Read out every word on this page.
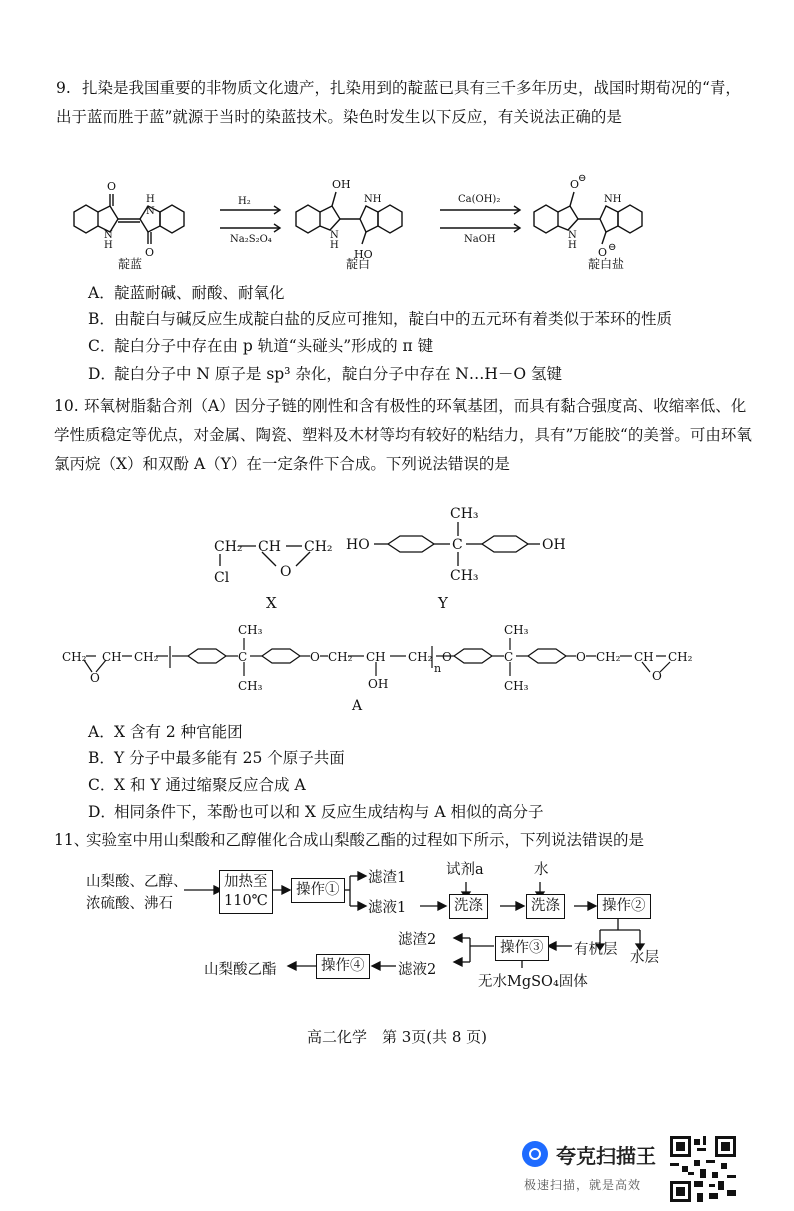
9. 扎染是我国重要的非物质文化遗产，扎染用到的靛蓝已具有三千多年历史，战国时期荀况的“青，出于蓝而胜于蓝”就源于当时的染蓝技术。染色时发生以下反应，有关说法正确的是
O
O
H
N
N
H
靛蓝
H₂
Na₂S₂O₄
OH
NH
N
H
HO
靛白
Ca(OH)₂
NaOH
O
⊖
NH
N
H
O ⊖
靛白盐
A．靛蓝耐碱、耐酸、耐氧化
B．由靛白与碱反应生成靛白盐的反应可推知，靛白中的五元环有着类似于苯环的性质
C．靛白分子中存在由 p 轨道“头碰头”形成的 π 键
D．靛白分子中 N 原子是 sp³ 杂化，靛白分子中存在 N…H－O 氢键
10. 环氧树脂黏合剂（A）因分子链的刚性和含有极性的环氧基团，而具有黏合强度高、收缩率低、化学性质稳定等优点，对金属、陶瓷、塑料及木材等均有较好的粘结力，具有”万能胶“的美誉。可由环氧氯丙烷（X）和双酚 A（Y）在一定条件下合成。下列说法错误的是
CH₂ CH CH₂
O
Cl
X
HO	C
CH₃
CH₃
OH
Y
CH₂
O
CH CH₂	C
CH₃
CH₃
O CH₂ CH
OH
CH₂
n
O	C
CH₃
CH₃
O CH₂ CH CH₂
O
A
A．X 含有 2 种官能团
B．Y 分子中最多能有 25 个原子共面
C．X 和 Y 通过缩聚反应合成 A
D．相同条件下，苯酚也可以和 X 反应生成结构与 A 相似的高分子
11、实验室中用山梨酸和乙醇催化合成山梨酸乙酯的过程如下所示，下列说法错误的是
山梨酸、乙醇、
浓硫酸、沸石
加热至
110℃
操作①
滤渣1
滤液1	洗涤
试剂a
洗涤
水
操作②
有机层 水层
操作③
无水MgSO₄固体
滤渣2
滤液2
操作④
山梨酸乙酯
高二化学　第 3页(共 8 页)
夸克扫描王
极速扫描，就是高效
